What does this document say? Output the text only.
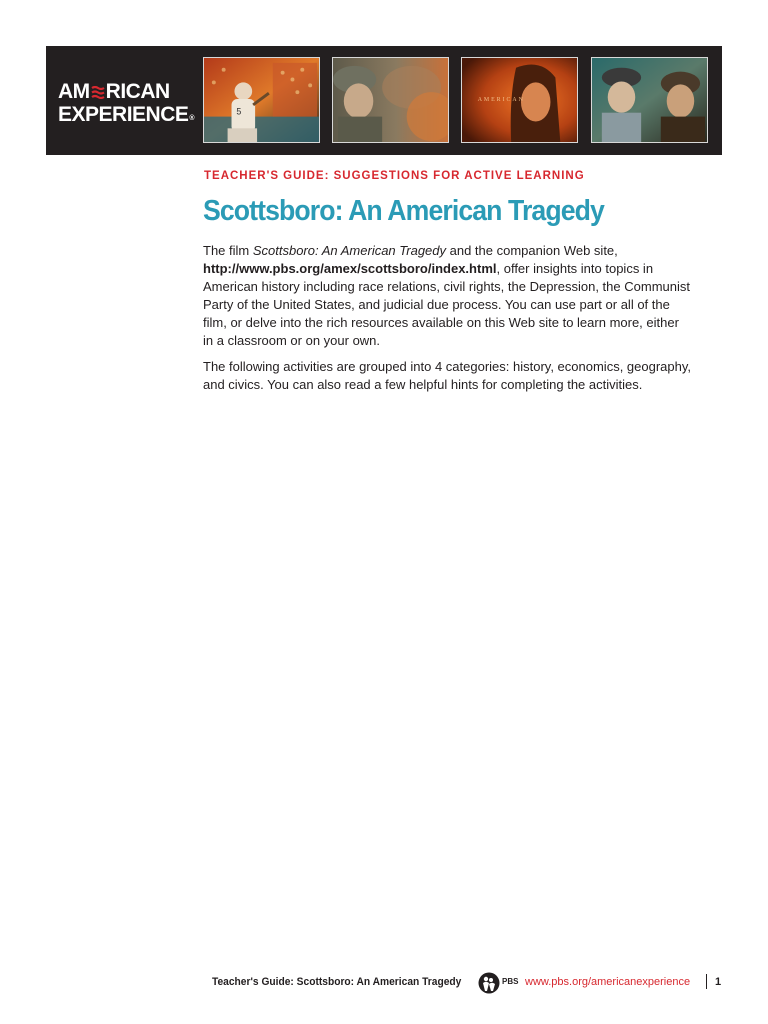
AM RICAN
EXPERIENCE®
5
AMERICAN
TEACHER'S GUIDE: SUGGESTIONS FOR ACTIVE LEARNING
Scottsboro: An American Tragedy

The film Scottsboro: An American Tragedy and the companion Web site,
http://www.pbs.org/amex/scottsboro/index.html, offer insights into topics in
American history including race relations, civil rights, the Depression, the Communist
Party of the United States, and judicial due process. You can use part or all of the
film, or delve into the rich resources available on this Web site to learn more, either
in a classroom or on your own.

The following activities are grouped into 4 categories: history, economics, geography,
and civics. You can also read a few helpful hints for completing the activities.

Teacher's Guide: Scottsboro: An American Tragedy	PBS www.pbs.org/americanexperience 1
